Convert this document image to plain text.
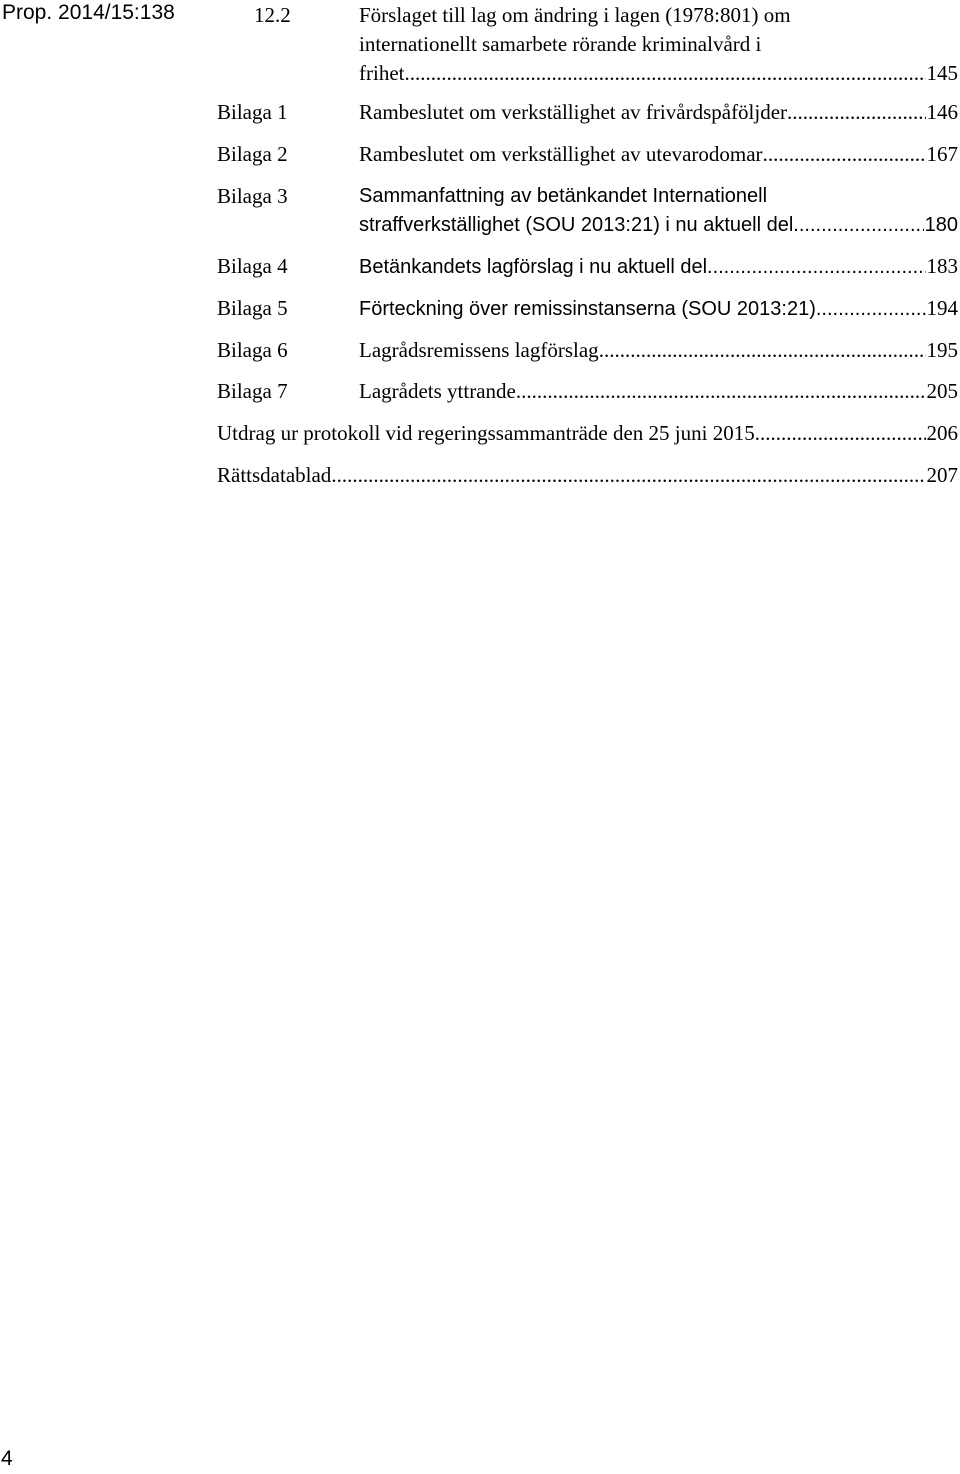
Prop. 2014/15:138	12.2	Förslaget till lag om ändring i lagen (1978:801) om
internationellt samarbete rörande kriminalvård i
frihet .....	145
Bilaga 1	Rambeslutet om verkställighet av frivårdspåföljder .....	146
Bilaga 2	Rambeslutet om verkställighet av utevarodomar .....	167
Bilaga 3	Sammanfattning av betänkandet Internationell
straffverkställighet (SOU 2013:21) i nu aktuell del .....	180
Bilaga 4	Betänkandets lagförslag i nu aktuell del .....	183
Bilaga 5	Förteckning över remissinstanserna (SOU 2013:21) .....	194
Bilaga 6	Lagrådsremissens lagförslag .....	195
Bilaga 7	Lagrådets yttrande .....	205
Utdrag ur protokoll vid regeringssammanträde den 25 juni 2015 .....	206
Rättsdatablad .....	207
4
